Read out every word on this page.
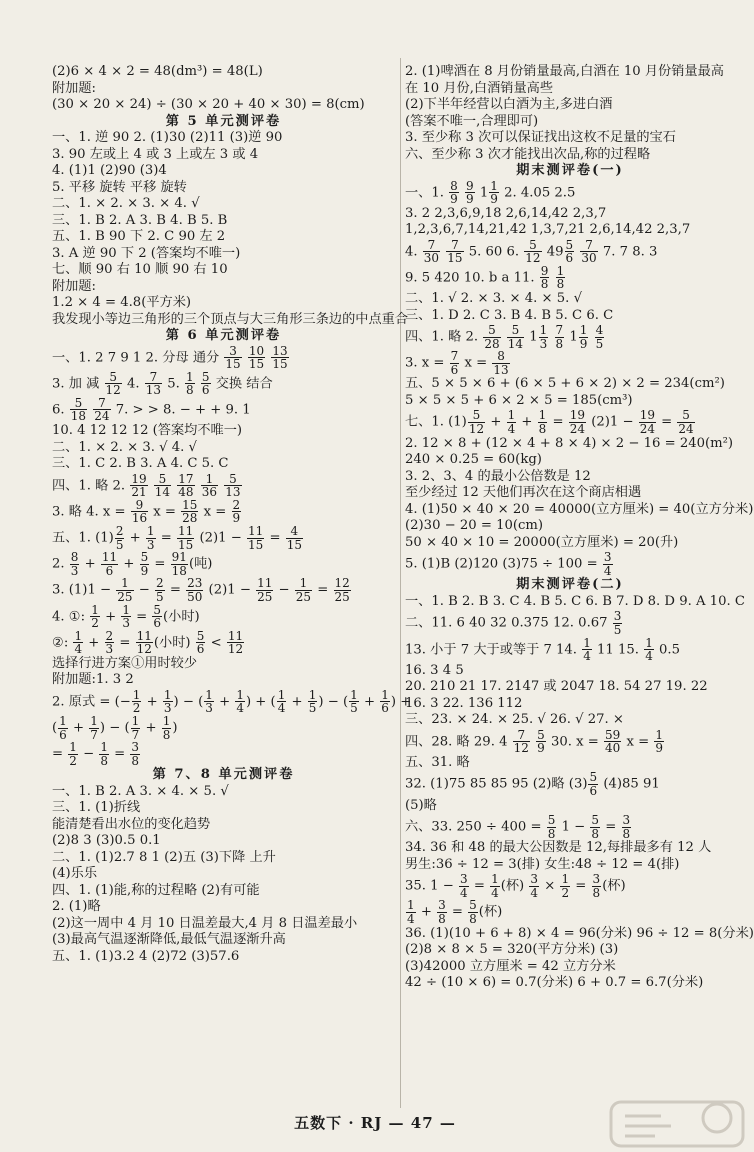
(2)6 × 4 × 2 = 48(dm³) = 48(L)
附加题:
(30 × 20 × 24) ÷ (30 × 20 + 40 × 30) = 8(cm)
第 5 单元测评卷
一、1. 逆 90 2. (1)30 (2)11 (3)逆 90
3. 90 左或上 4 或 3 上或左 3 或 4
4. (1)1 (2)90 (3)4
5. 平移 旋转 平移 旋转
二、1. × 2. × 3. × 4. √
三、1. B 2. A 3. B 4. B 5. B
五、1. B 90 下 2. C 90 左 2
3. A 逆 90 下 2 (答案均不唯一)
七、顺 90 右 10 顺 90 右 10
附加题:
1.2 × 4 = 4.8(平方米)
我发现小等边三角形的三个顶点与大三角形三条边的中点重合
第 6 单元测评卷
一、1. 2 7 9 1 2. 分母 通分 $\frac{3}{15}$
$\frac{10}{15}$
$\frac{13}{15}$
3. 加 减 $\frac{5}{12} 4$. $\frac{7}{13} 5$. $\frac{1}{8}$
$\frac{5}{6}$ 交换 结合
6. $\frac{5}{18}$
$\frac{7}{24} 7$. > > 8. − + + 9. 1
10. 4 12 12 12 (答案均不唯一)
二、1. × 2. × 3. √ 4. √
三、1. C 2. B 3. A 4. C 5. C
四、1. 略 2. $\frac{19}{21}$
$\frac{5}{14}$
$\frac{17}{48}$
$\frac{1}{36}$
$\frac{5}{13}$
3. 略 4. $x = \frac{9}{16}$ $x = \frac{15}{28}$ $x = \frac{2}{9}$
五、1. $(1) \frac{2}{5} + \frac{1}{3} = \frac{11}{15} (2)1 - \frac{11}{15} = \frac{4}{15}$
2. $\frac{8}{3} + \frac{11}{6} + \frac{5}{9} = \frac{91}{18}$ (吨)
3. $(1)1 - \frac{1}{25} - \frac{2}{5} = \frac{23}{50} (2)1 - \frac{11}{25} - \frac{1}{25} = \frac{12}{25}$
4. ①: $\frac{1}{2} + \frac{1}{3} = \frac{5}{6}$ (小时)
②: $\frac{1}{4} + \frac{2}{3} = \frac{11}{12}$ (小时) $\frac{5}{6} < \frac{11}{12}$
选择行进方案①用时较少
附加题:1. 3 2
2. 原式 = (− $\frac{1}{2} + \frac{1}{3}$ ) − ( $\frac{1}{3} + \frac{1}{4}$ ) + ( $\frac{1}{4} + \frac{1}{5}$ ) − ( $\frac{1}{5} + \frac{1}{6}$ ) +
( $\frac{1}{6} + \frac{1}{7}$ ) − ( $\frac{1}{7} + \frac{1}{8}$ )
= $\frac{1}{2} - \frac{1}{8} = \frac{3}{8}$
第 7、8 单元测评卷
一、1. B 2. A 3. × 4. × 5. √
三、1. (1)折线
能清楚看出水位的变化趋势
(2)8 3 (3)0.5 0.1
二、1. (1)2.7 8 1 (2)五 (3)下降 上升
(4)乐乐
四、1. (1)能,称的过程略 (2)有可能
2. (1)略
(2)这一周中 4 月 10 日温差最大,4 月 8 日温差最小
(3)最高气温逐渐降低,最低气温逐渐升高
五、1. (1)3.2 4 (2)72 (3)57.6
2. (1)啤酒在 8 月份销量最高,白酒在 10 月份销量最高
在 10 月份,白酒销量高些
(2)下半年经营以白酒为主,多进白酒
(答案不唯一,合理即可)
3. 至少称 3 次可以保证找出这枚不足量的宝石
六、至少称 3 次才能找出次品,称的过程略
期末测评卷(一)
一、1. $\frac{8}{9}$
$\frac{9}{9} 1 \frac{1}{9} 2$. 4.05 2.5
3. 2 2,3,6,9,18 2,6,14,42 2,3,7
1,2,3,6,7,14,21,42 1,3,7,21 2,6,14,42 2,3,7
4. $\frac{7}{30}$
$\frac{7}{15} 5$. 60 6. $\frac{5}{12} 49 \frac{5}{6}$
$\frac{7}{30} 7$. 7 8. 3
9. 5 420 10. b a 11. $\frac{9}{8}$
$\frac{1}{8}$
二、1. √ 2. × 3. × 4. × 5. √
三、1. D 2. C 3. B 4. B 5. C 6. C
四、1. 略 2. $\frac{5}{28}$
$\frac{5}{14} 1 \frac{1}{3}$
$\frac{7}{8} 1 \frac{1}{9}$
$\frac{4}{5}$
3. $x = \frac{7}{6}$ $x = \frac{8}{13}$
五、5 × 5 × 6 + (6 × 5 + 6 × 2) × 2 = 234(cm²)
5 × 5 × 5 + 6 × 2 × 5 = 185(cm³)
七、1. $(1) \frac{5}{12} + \frac{1}{4} + \frac{1}{8} = \frac{19}{24} (2)1 - \frac{19}{24} = \frac{5}{24}$
2. 12 × 8 + (12 × 4 + 8 × 4) × 2 − 16 = 240(m²)
240 × 0.25 = 60(kg)
3. 2、3、4 的最小公倍数是 12
至少经过 12 天他们再次在这个商店相遇
4. (1)50 × 40 × 20 = 40000(立方厘米) = 40(立方分米)
(2)30 − 20 = 10(cm)
50 × 40 × 10 = 20000(立方厘米) = 20(升)
5. (1)B (2)120 $(3)75 \div 100 = \frac{3}{4}$
期末测评卷(二)
一、1. B 2. B 3. C 4. B 5. C 6. B 7. D 8. D 9. A 10. C
二、11. 6 40 32 0.375 12. $0.67 \frac{3}{5}$
13. 小于 7 大于或等于 7 14. $\frac{1}{4} 11$ 15. $\frac{1}{4} 0.5$
16. 3 4 5
20. 210 21 17. 2147 或 2047 18. 54 27 19. 22
16. 3 22. 136 112
三、23. × 24. × 25. √ 26. √ 27. ×
四、28. 略 29. $4 \frac{7}{12}$
$\frac{5}{9} 30$. $x = \frac{59}{40}$ $x = \frac{1}{9}$
五、31. 略
32. (1)75 85 85 95 (2)略 $(3) \frac{5}{6} (4)85$ 91
(5)略
六、33. $250 \div 400 = \frac{5}{8} 1 - \frac{5}{8} = \frac{3}{8}$
34. 36 和 48 的最大公因数是 12,每排最多有 12 人
男生:36 ÷ 12 = 3(排) 女生:48 ÷ 12 = 4(排)
35. $1 - \frac{3}{4} = \frac{1}{4}$ (杯) $\frac{3}{4} \times \frac{1}{2} = \frac{3}{8}$ (杯)
$\frac{1}{4} + \frac{3}{8} = \frac{5}{8}$ (杯)
36. (1)(10 + 6 + 8) × 4 = 96(分米) 96 ÷ 12 = 8(分米)
(2)8 × 8 × 5 = 320(平方分米) (3)
(3)42000 立方厘米 = 42 立方分米
42 ÷ (10 × 6) = 0.7(分米) 6 + 0.7 = 6.7(分米)
五数下 · RJ — 47 —
